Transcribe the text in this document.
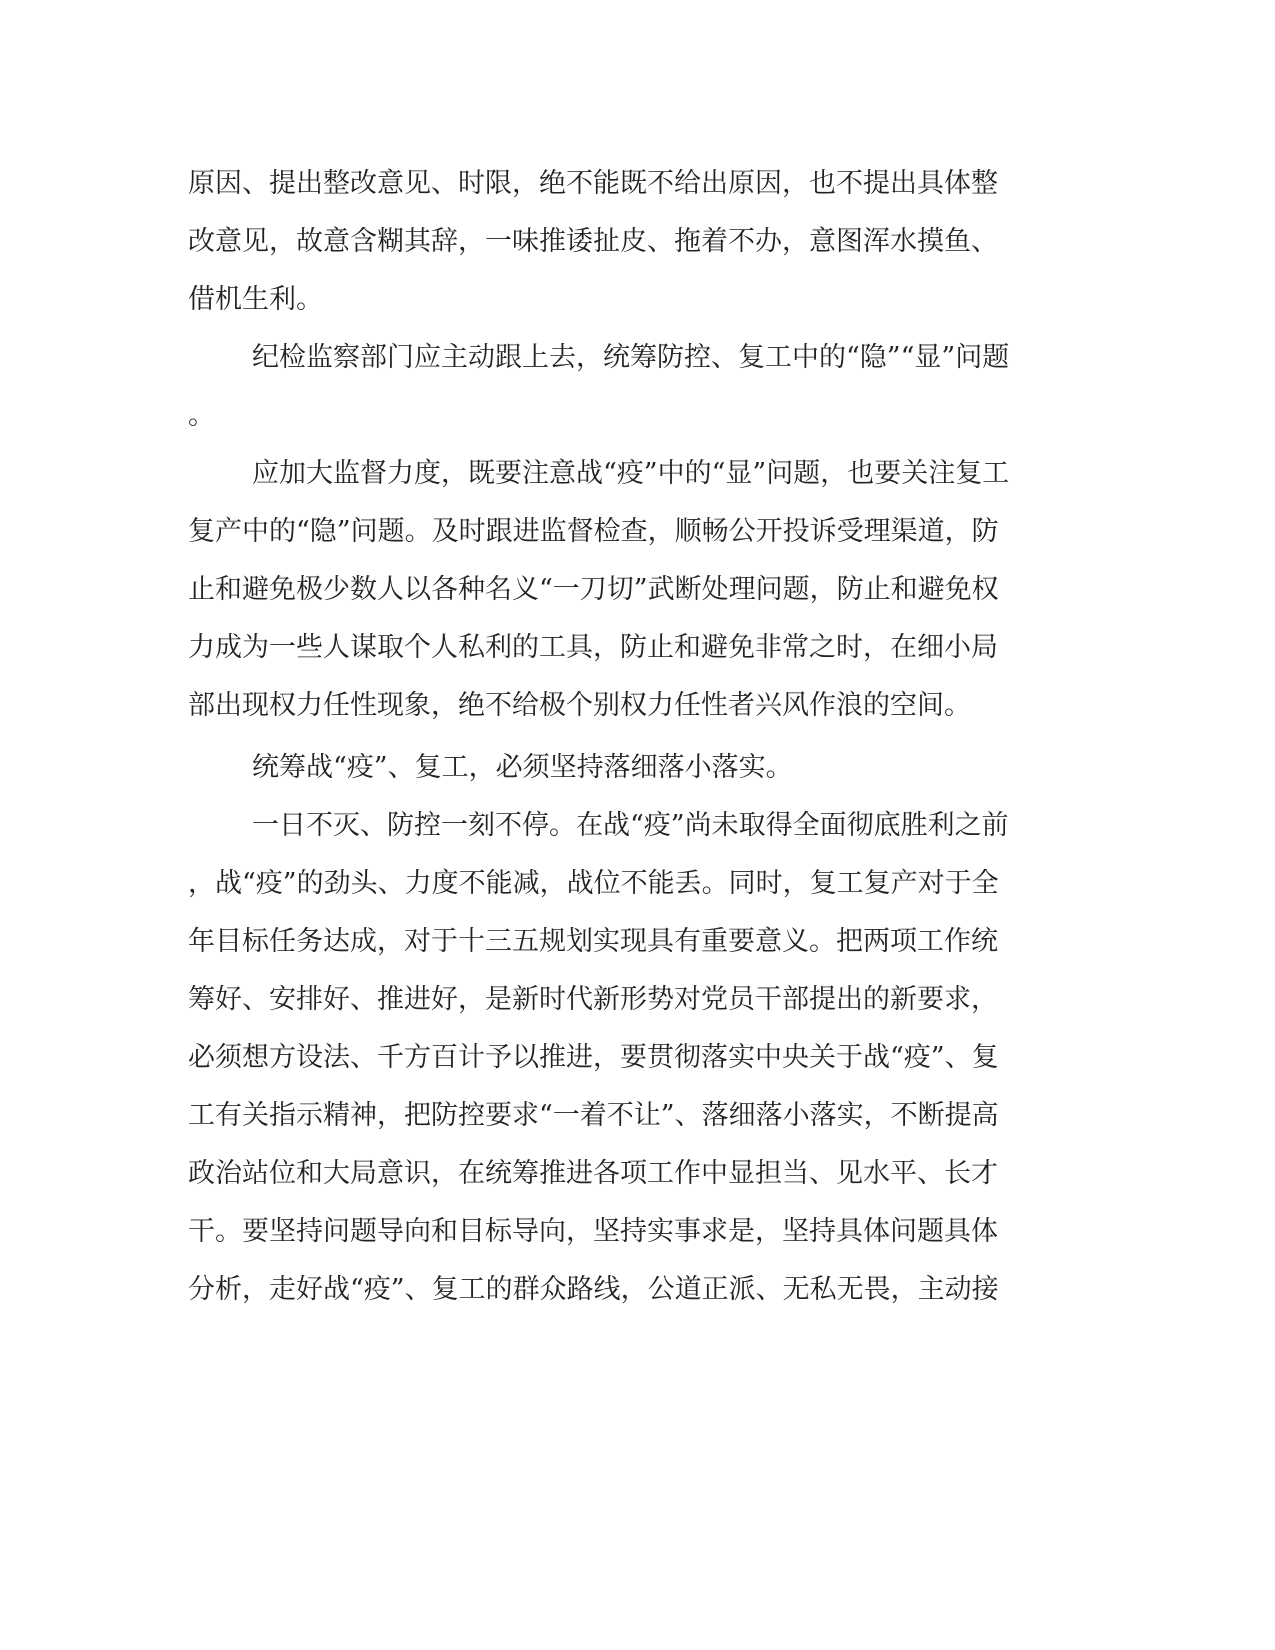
原因、提出整改意见、时限，绝不能既不给出原因，也不提出具体整
改意见，故意含糊其辞，一味推诿扯皮、拖着不办，意图浑水摸鱼、
借机生利。
纪检监察部门应主动跟上去，统筹防控、复工中的“隐”“显”问题
。
应加大监督力度，既要注意战“疫”中的“显”问题，也要关注复工
复产中的“隐”问题。及时跟进监督检查，顺畅公开投诉受理渠道，防
止和避免极少数人以各种名义“一刀切”武断处理问题，防止和避免权
力成为一些人谋取个人私利的工具，防止和避免非常之时，在细小局
部出现权力任性现象，绝不给极个别权力任性者兴风作浪的空间。
统筹战“疫”、复工，必须坚持落细落小落实。
一日不灭、防控一刻不停。在战“疫”尚未取得全面彻底胜利之前
，战“疫”的劲头、力度不能减，战位不能丢。同时，复工复产对于全
年目标任务达成，对于十三五规划实现具有重要意义。把两项工作统
筹好、安排好、推进好，是新时代新形势对党员干部提出的新要求，
必须想方设法、千方百计予以推进，要贯彻落实中央关于战“疫”、复
工有关指示精神，把防控要求“一着不让”、落细落小落实，不断提高
政治站位和大局意识，在统筹推进各项工作中显担当、见水平、长才
干。要坚持问题导向和目标导向，坚持实事求是，坚持具体问题具体
分析，走好战“疫”、复工的群众路线，公道正派、无私无畏，主动接
